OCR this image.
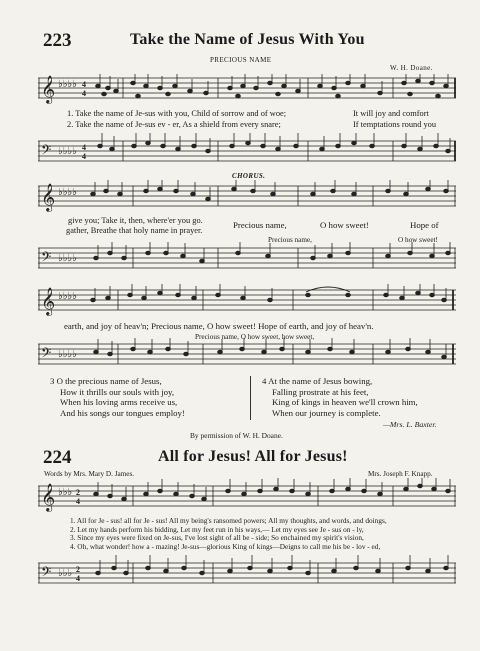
223	Take the Name of Jesus With You
PRECIOUS NAME
W. H. Doane.
𝄞 ♭♭♭♭ 4
4
1. Take the name of Je-sus with you, Child of sorrow and of woe;	It will joy and comfort
2. Take the name of Je-sus ev - er, As a shield from every snare;	If temptations round you
𝄢 ♭♭♭♭ 4
4
CHORUS.
𝄞 ♭♭♭♭
give you; Take it, then, where'er you go.
gather, Breathe that holy name in prayer.
Precious name,	O how sweet!	Hope of
Precious name,	O how sweet!
𝄢 ♭♭♭♭
𝄞 ♭♭♭♭
earth, and joy of heav'n; Precious name, O how sweet! Hope of earth, and joy of heav'n.
Precious name, O how sweet, how sweet,
𝄢 ♭♭♭♭
3 O the precious name of Jesus,
How it thrills our souls with joy,
When his loving arms receive us,
And his songs our tongues employ!
4 At the name of Jesus bowing,
Falling prostrate at his feet,
King of kings in heaven we'll crown him,
When our journey is complete.
—Mrs. L. Baxter.
By permission of W. H. Doane.
224	All for Jesus! All for Jesus!
Words by Mrs. Mary D. James.	Mrs. Joseph F. Knapp.
𝄞 ♭♭♭ 2
4
1. All for Je - sus! all for Je - sus! All my being's ransomed powers; All my thoughts, and words, and doings,
2. Let my hands perform his bidding, Let my feet run in his ways,— Let my eyes see Je - sus on - ly,
3. Since my eyes were fixed on Je-sus, I've lost sight of all be - side; So enchained my spirit's vision,
4. Oh, what wonder! how a - mazing! Je-sus—glorious King of kings—Deigns to call me his be - lov - ed,
𝄢 ♭♭♭ 2
4
